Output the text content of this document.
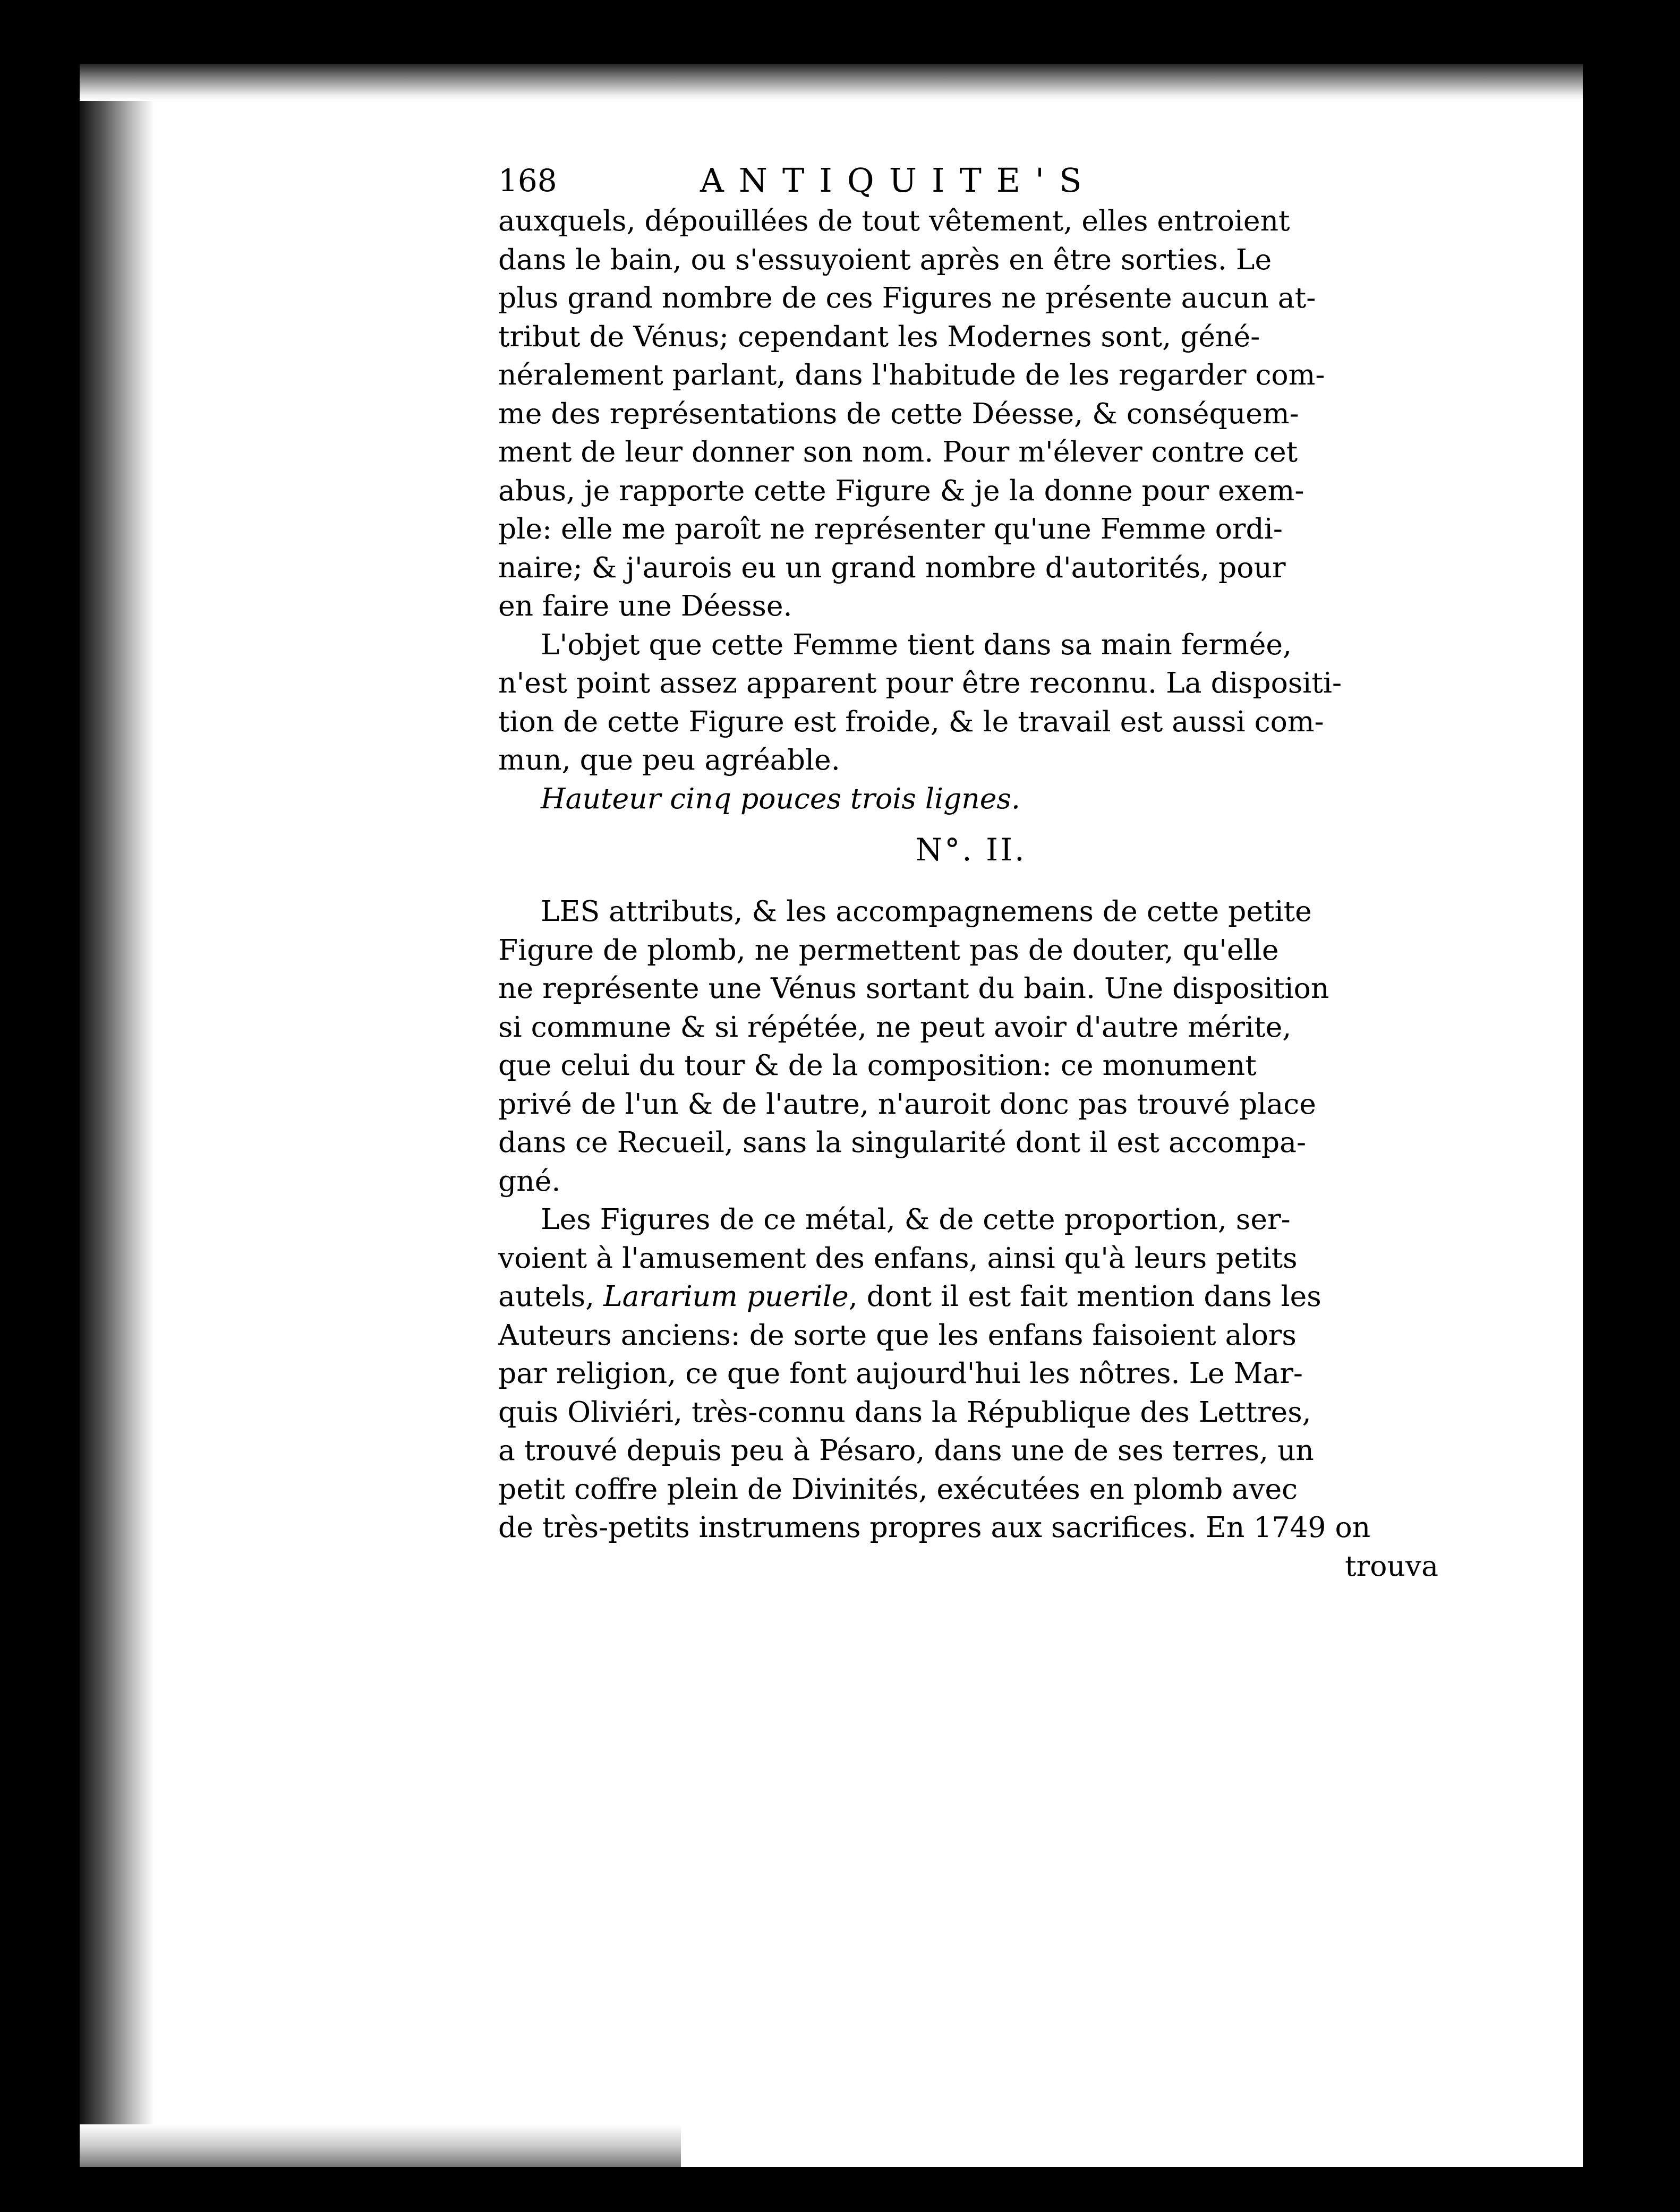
168	ANTIQUITE'S
auxquels, dépouillées de tout vêtement, elles entroient
dans le bain, ou s'essuyoient après en être sorties. Le
plus grand nombre de ces Figures ne présente aucun at-
tribut de Vénus; cependant les Modernes sont, géné-
néralement parlant, dans l'habitude de les regarder com-
me des représentations de cette Déesse, & conséquem-
ment de leur donner son nom. Pour m'élever contre cet
abus, je rapporte cette Figure & je la donne pour exem-
ple: elle me paroît ne représenter qu'une Femme ordi-
naire; & j'aurois eu un grand nombre d'autorités, pour
en faire une Déesse.
L'objet que cette Femme tient dans sa main fermée,
n'est point assez apparent pour être reconnu. La dispositi-
tion de cette Figure est froide, & le travail est aussi com-
mun, que peu agréable.
Hauteur cinq pouces trois lignes.
N°. II.
LES attributs, & les accompagnemens de cette petite
Figure de plomb, ne permettent pas de douter, qu'elle
ne représente une Vénus sortant du bain. Une disposition
si commune & si répétée, ne peut avoir d'autre mérite,
que celui du tour & de la composition: ce monument
privé de l'un & de l'autre, n'auroit donc pas trouvé place
dans ce Recueil, sans la singularité dont il est accompa-
gné.
Les Figures de ce métal, & de cette proportion, ser-
voient à l'amusement des enfans, ainsi qu'à leurs petits
autels, Lararium puerile, dont il est fait mention dans les
Auteurs anciens: de sorte que les enfans faisoient alors
par religion, ce que font aujourd'hui les nôtres. Le Mar-
quis Oliviéri, très-connu dans la République des Lettres,
a trouvé depuis peu à Pésaro, dans une de ses terres, un
petit coffre plein de Divinités, exécutées en plomb avec
de très-petits instrumens propres aux sacrifices. En 1749 on
trouva
